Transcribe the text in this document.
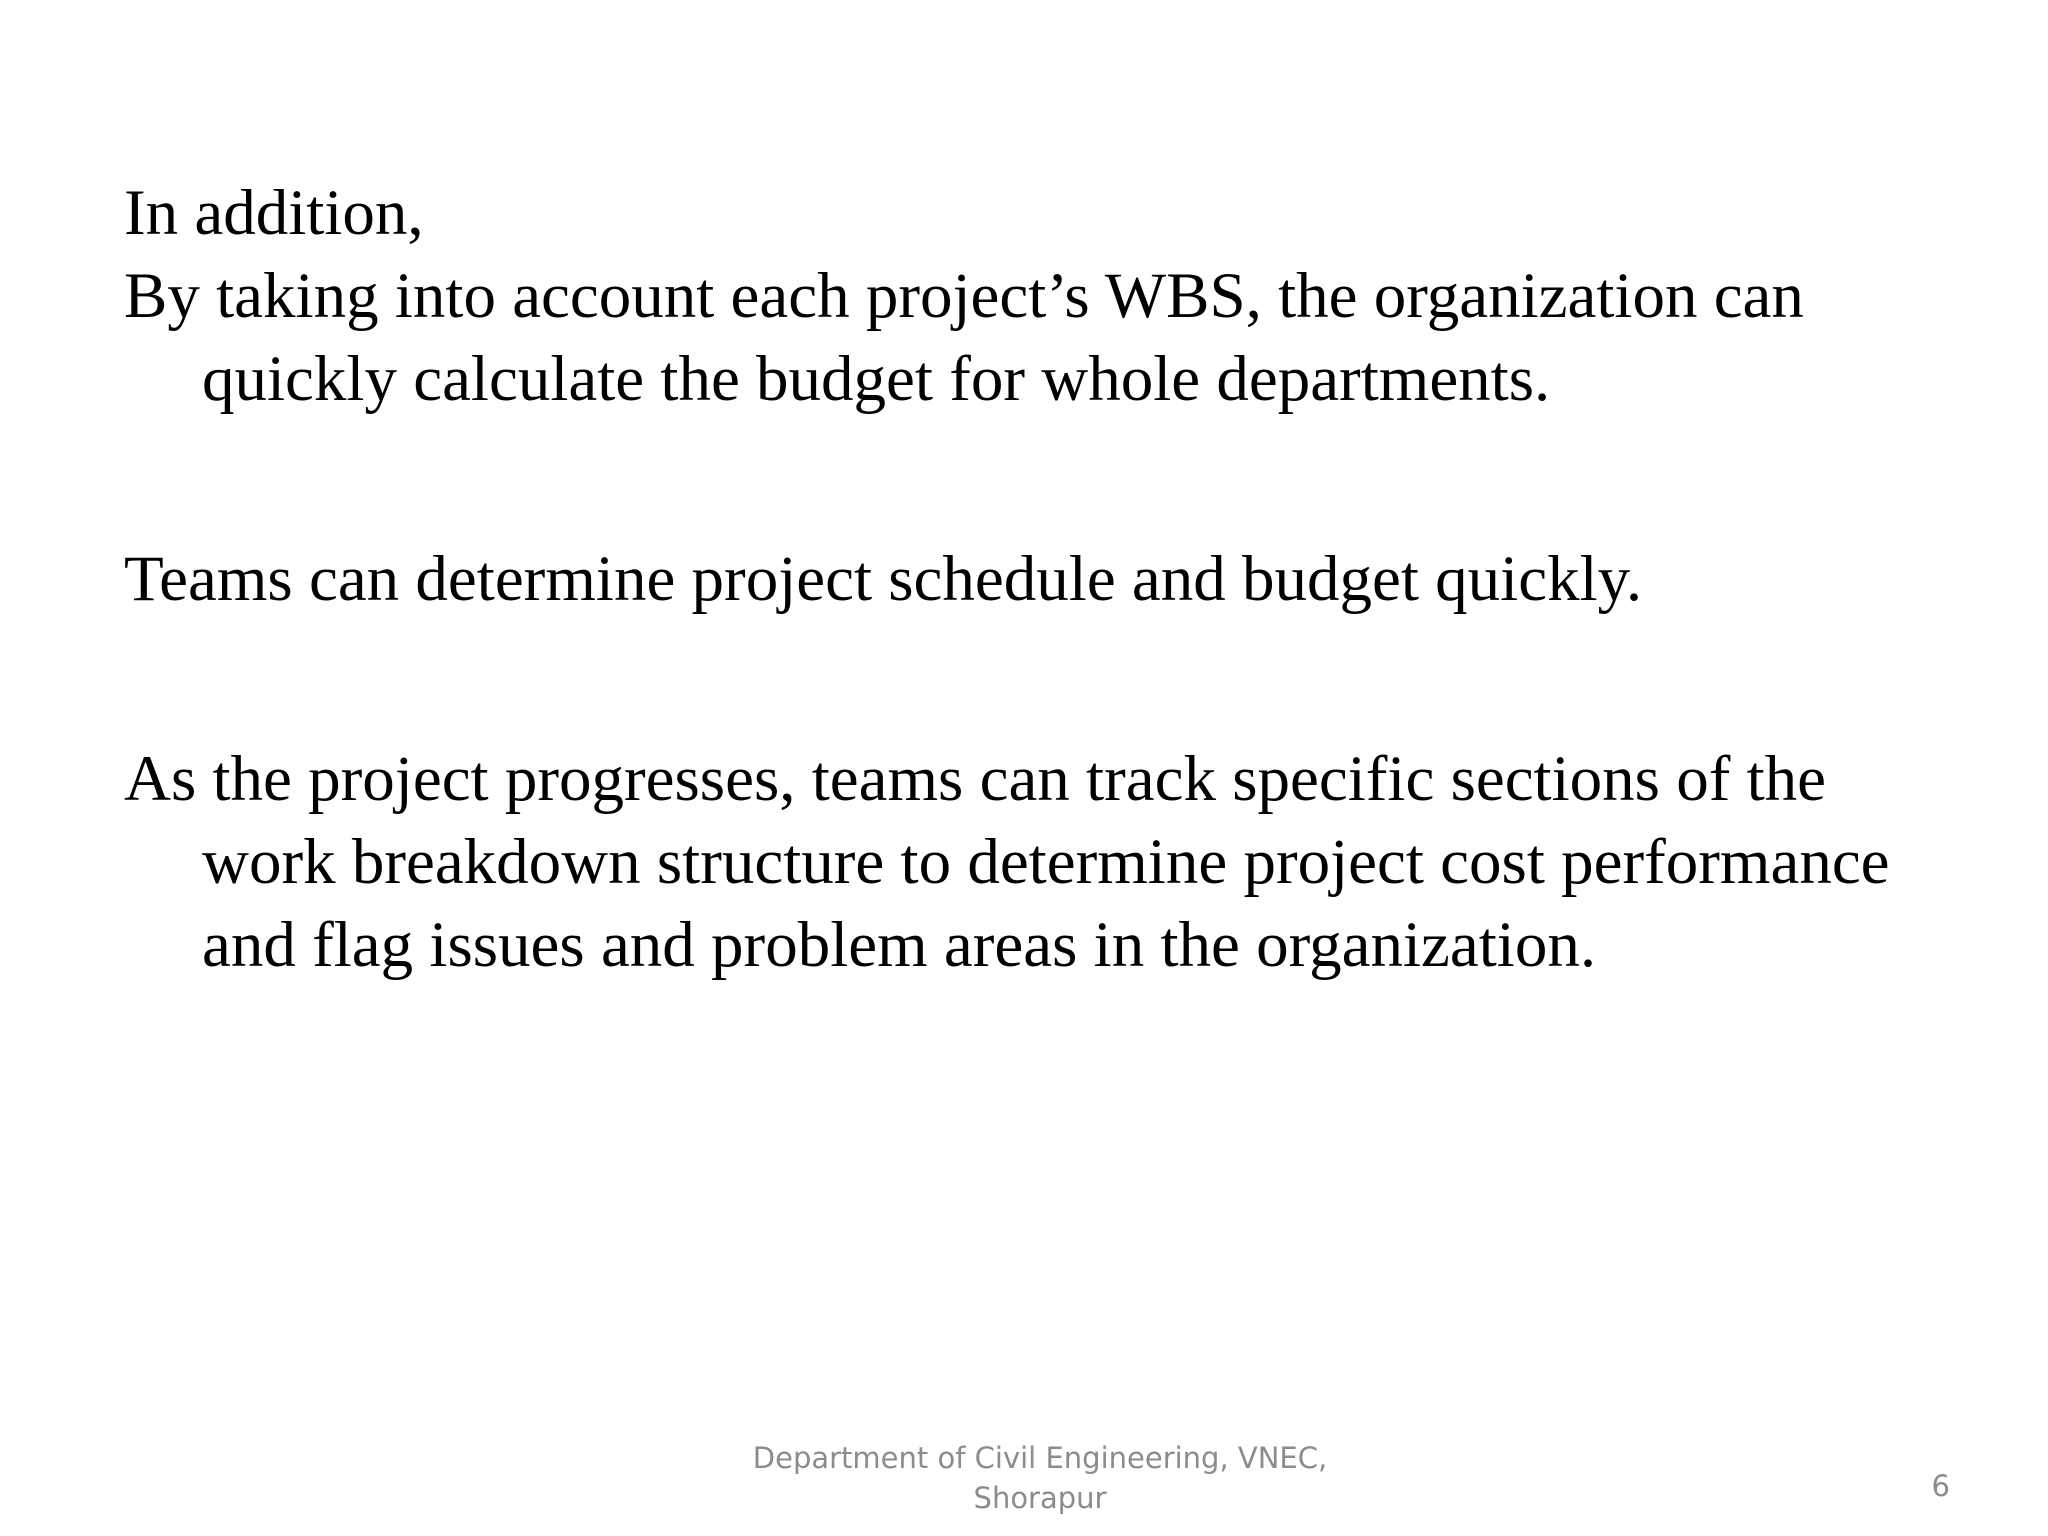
In addition,

By taking into account each project’s WBS, the organization can quickly calculate the budget for whole departments.

Teams can determine project schedule and budget quickly.

As the project progresses, teams can track specific sections of the work breakdown structure to determine project cost performance and flag issues and problem areas in the organization.

Department of Civil Engineering, VNEC,
Shorapur	6
